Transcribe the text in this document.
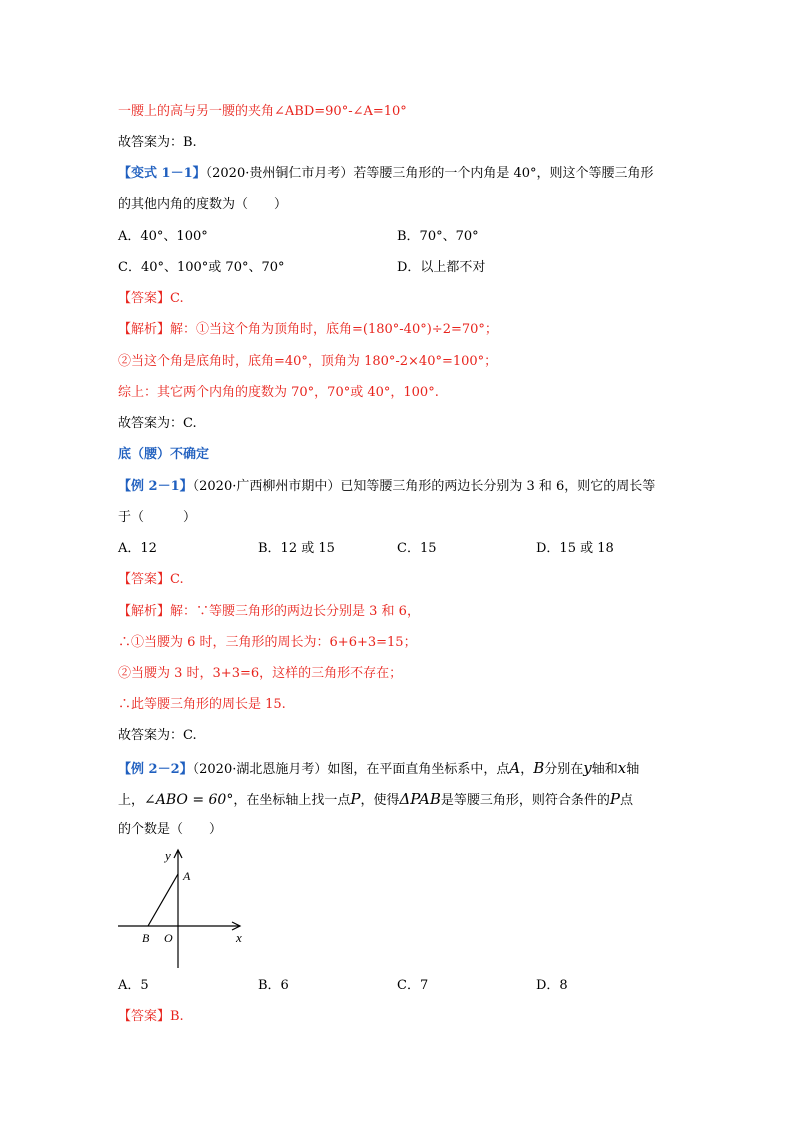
一腰上的高与另一腰的夹角∠ABD=90°-∠A=10°
故答案为：B.
【变式 1－1】（2020·贵州铜仁市月考）若等腰三角形的一个内角是 40°，则这个等腰三角形
的其他内角的度数为（　　）
A．40°、100°	B．70°、70°
C．40°、100°或 70°、70°	D．以上都不对
【答案】C.
【解析】解：①当这个角为顶角时，底角=(180°-40°)÷2=70°；
②当这个角是底角时，底角=40°，顶角为 180°-2×40°=100°；
综上：其它两个内角的度数为 70°，70°或 40°，100°.
故答案为：C.
底（腰）不确定
【例 2－1】（2020·广西柳州市期中）已知等腰三角形的两边长分别为 3 和 6，则它的周长等
于（　　　）
A．12	B．12 或 15	C．15	D．15 或 18
【答案】C.
【解析】解：∵等腰三角形的两边长分别是 3 和 6，
∴①当腰为 6 时，三角形的周长为：6+6+3=15；
②当腰为 3 时，3+3=6，这样的三角形不存在；
∴此等腰三角形的周长是 15.
故答案为：C.
【例 2－2】（2020·湖北恩施月考）如图，在平面直角坐标系中，点A，B分别在y轴和x轴
上，∠ABO = 60°，在坐标轴上找一点P，使得ΔPAB是等腰三角形，则符合条件的P点
的个数是（　　）
y
A
B O	x
A．5	B．6	C．7	D．8
【答案】B.
